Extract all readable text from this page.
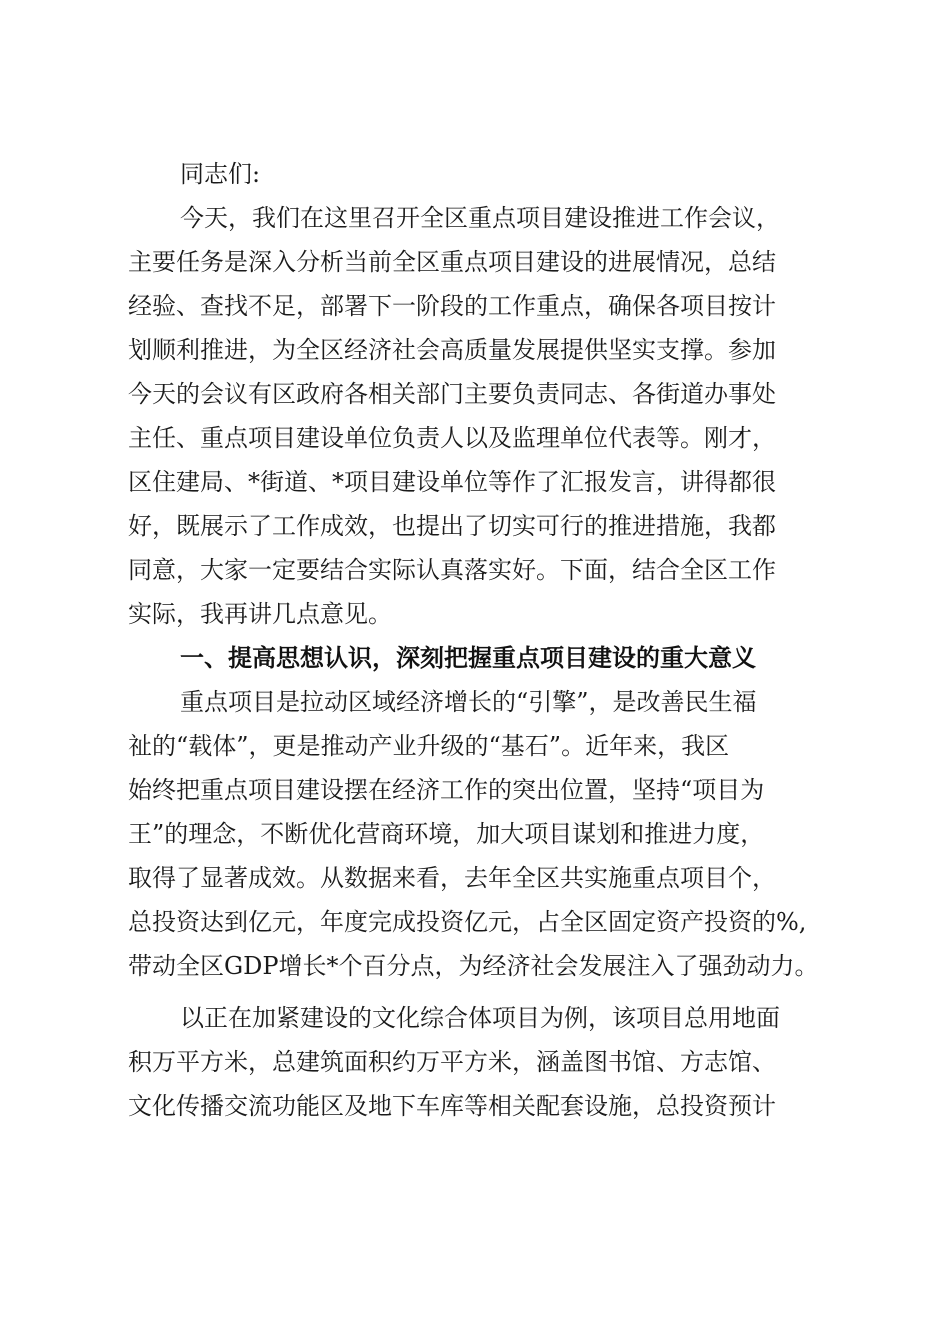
同志们:
今天，我们在这里召开全区重点项目建设推进工作会议，
主要任务是深入分析当前全区重点项目建设的进展情况，总结
经验、查找不足，部署下一阶段的工作重点，确保各项目按计
划顺利推进，为全区经济社会高质量发展提供坚实支撑。参加
今天的会议有区政府各相关部门主要负责同志、各街道办事处
主任、重点项目建设单位负责人以及监理单位代表等。刚才，
区住建局、*街道、*项目建设单位等作了汇报发言，讲得都很
好，既展示了工作成效，也提出了切实可行的推进措施，我都
同意，大家一定要结合实际认真落实好。下面，结合全区工作
实际，我再讲几点意见。
一、提高思想认识，深刻把握重点项目建设的重大意义
重点项目是拉动区域经济增长的“引擎”，是改善民生福
祉的“载体”，更是推动产业升级的“基石”。近年来，我区
始终把重点项目建设摆在经济工作的突出位置，坚持“项目为
王”的理念，不断优化营商环境，加大项目谋划和推进力度，
取得了显著成效。从数据来看，去年全区共实施重点项目个，
总投资达到亿元，年度完成投资亿元，占全区固定资产投资的%,
带动全区GDP增长*个百分点，为经济社会发展注入了强劲动力。
以正在加紧建设的文化综合体项目为例，该项目总用地面
积万平方米，总建筑面积约万平方米，涵盖图书馆、方志馆、
文化传播交流功能区及地下车库等相关配套设施，总投资预计
